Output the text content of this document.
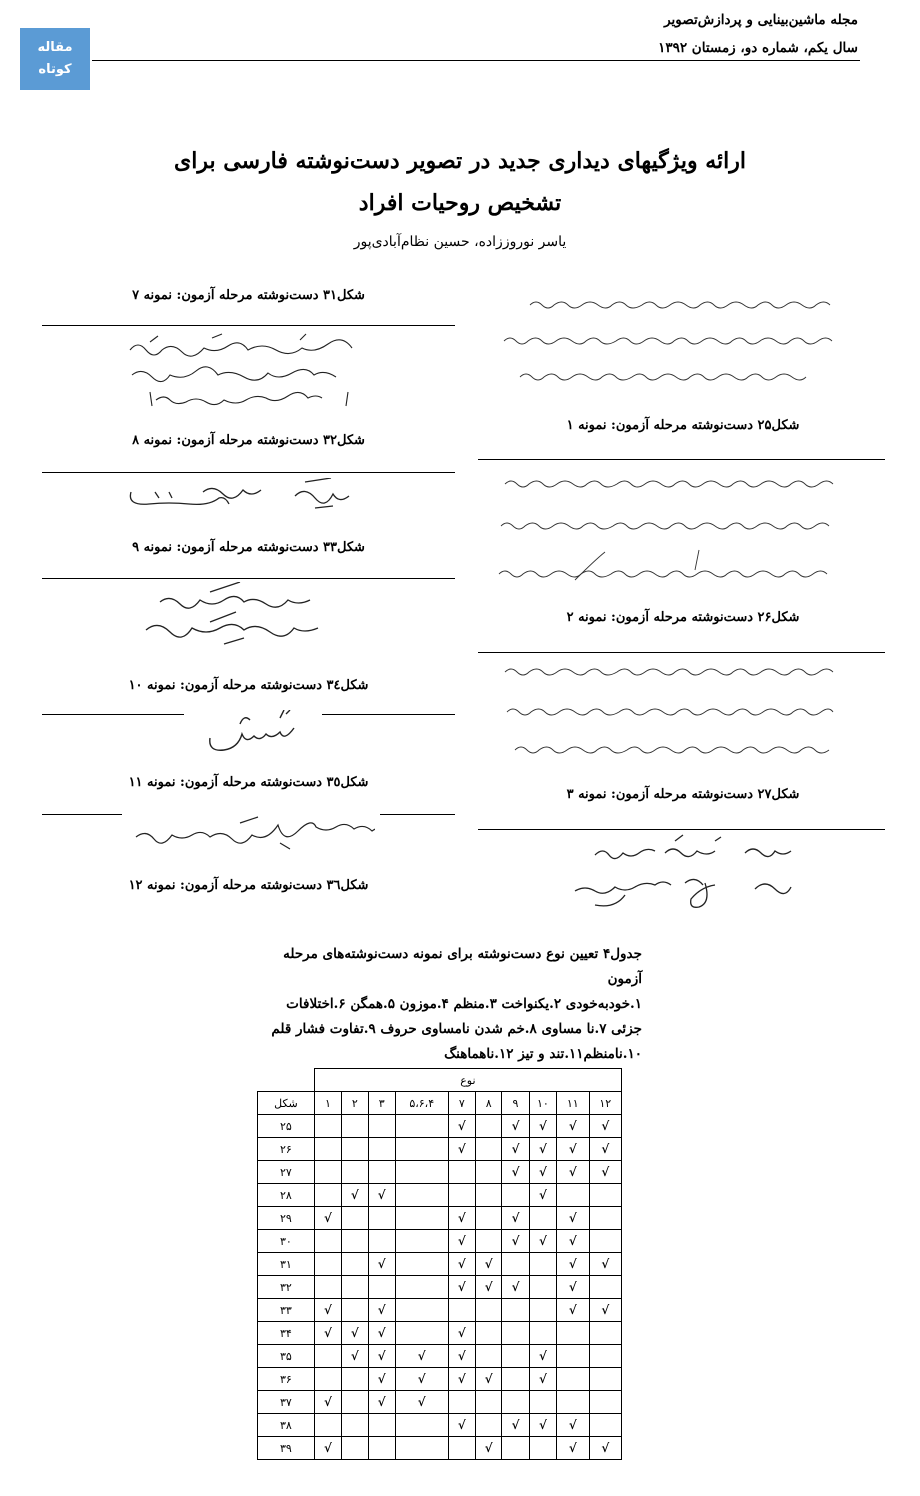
مقاله
کوتاه
مجله ماشین‌بینایی و پردازش‌تصویر
سال یکم، شماره دو، زمستان ۱۳۹۲
ارائه ویژگیهای دیداری جدید در تصویر دست‌نوشته فارسی برای
تشخیص روحیات افراد
یاسر نوروززاده، حسین نظام‌آبادی‌پور
شکل۳۱ دست‌نوشته مرحله آزمون: نمونه ۷
شکل۳۲ دست‌نوشته مرحله آزمون: نمونه ۸
شکل۳۳ دست‌نوشته مرحله آزمون: نمونه ۹
شکل۳٤ دست‌نوشته مرحله آزمون: نمونه ۱۰
شکل۳٥ دست‌نوشته مرحله آزمون: نمونه ۱۱
شکل۳٦ دست‌نوشته مرحله آزمون: نمونه ۱۲
شکل۲۵ دست‌نوشته مرحله آزمون: نمونه ۱
شکل۲۶ دست‌نوشته مرحله آزمون: نمونه ۲
شکل۲۷ دست‌نوشته مرحله آزمون: نمونه ۳
جدول۴ تعیین نوع دست‌نوشته برای نمونه دست‌نوشته‌های مرحله
آزمون
۱.خودبه‌خودی ۲.یکنواخت ۳.منظم ۴.موزون ۵.همگن ۶.اختلافات
جزئی ۷.نا مساوی ۸.خم شدن نامساوی حروف ۹.تفاوت فشار قلم
۱۰.نامنظم۱۱.تند و تیز ۱۲.ناهماهنگ
	نوع									
شکل	۱	۲	۳	۵،۶،۴	۷	۸	۹	۱۰	۱۱	۱۲
۲۵					√		√	√	√	√
۲۶					√		√	√	√	√
۲۷							√	√	√	√
۲۸		√	√					√		
۲۹	√				√		√		√	
۳۰					√		√	√	√	
۳۱			√		√	√			√	√
۳۲					√	√	√		√	
۳۳	√		√						√	√
۳۴	√	√	√		√					
۳۵		√	√	√	√			√		
۳۶			√	√	√	√		√		
۳۷	√		√	√						
۳۸					√		√	√	√	
۳۹	√					√			√	√
